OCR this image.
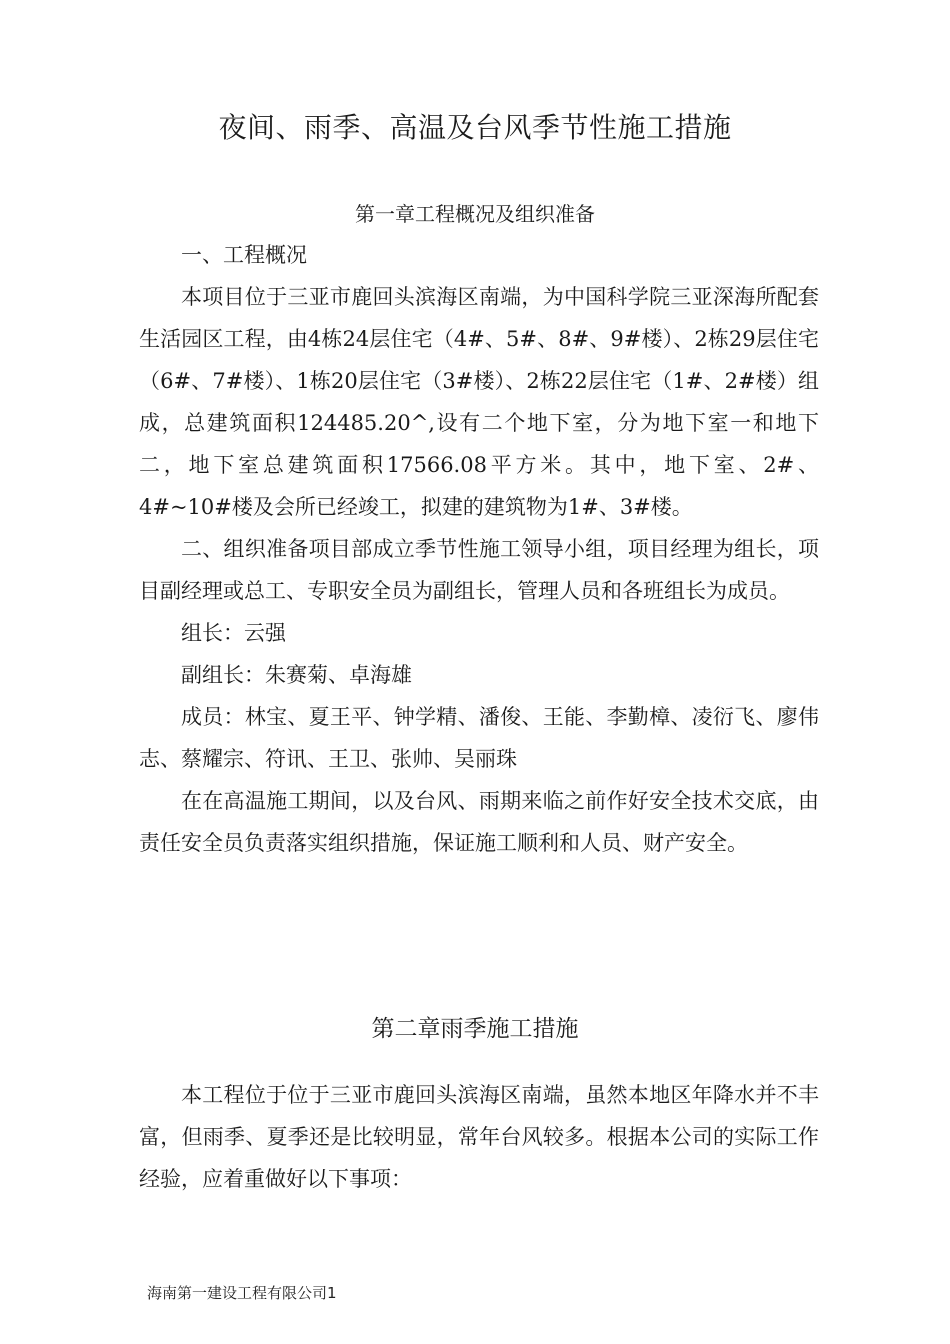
夜间、雨季、高温及台风季节性施工措施
第一章工程概况及组织准备

一、工程概况

本项目位于三亚市鹿回头滨海区南端，为中国科学院三亚深海所配套生活园区工程，由4栋24层住宅（4#、5#、8#、9#楼）、2栋29层住宅（6#、7#楼）、1栋20层住宅（3#楼）、2栋22层住宅（1#、2#楼）组成，总建筑面积124485.20^,设有二个地下室，分为地下室一和地下二，地下室总建筑面积17566.08平方米。其中，地下室、2#、4#~10#楼及会所已经竣工，拟建的建筑物为1#、3#楼。

二、组织准备项目部成立季节性施工领导小组，项目经理为组长，项目副经理或总工、专职安全员为副组长，管理人员和各班组长为成员。

组长：云强

副组长：朱赛菊、卓海雄

成员：林宝、夏王平、钟学精、潘俊、王能、李勤樟、凌衍飞、廖伟志、蔡耀宗、符讯、王卫、张帅、吴丽珠

在在高温施工期间，以及台风、雨期来临之前作好安全技术交底，由责任安全员负责落实组织措施，保证施工顺利和人员、财产安全。

第二章雨季施工措施

本工程位于位于三亚市鹿回头滨海区南端，虽然本地区年降水并不丰富，但雨季、夏季还是比较明显，常年台风较多。根据本公司的实际工作经验，应着重做好以下事项：

海南第一建设工程有限公司1
